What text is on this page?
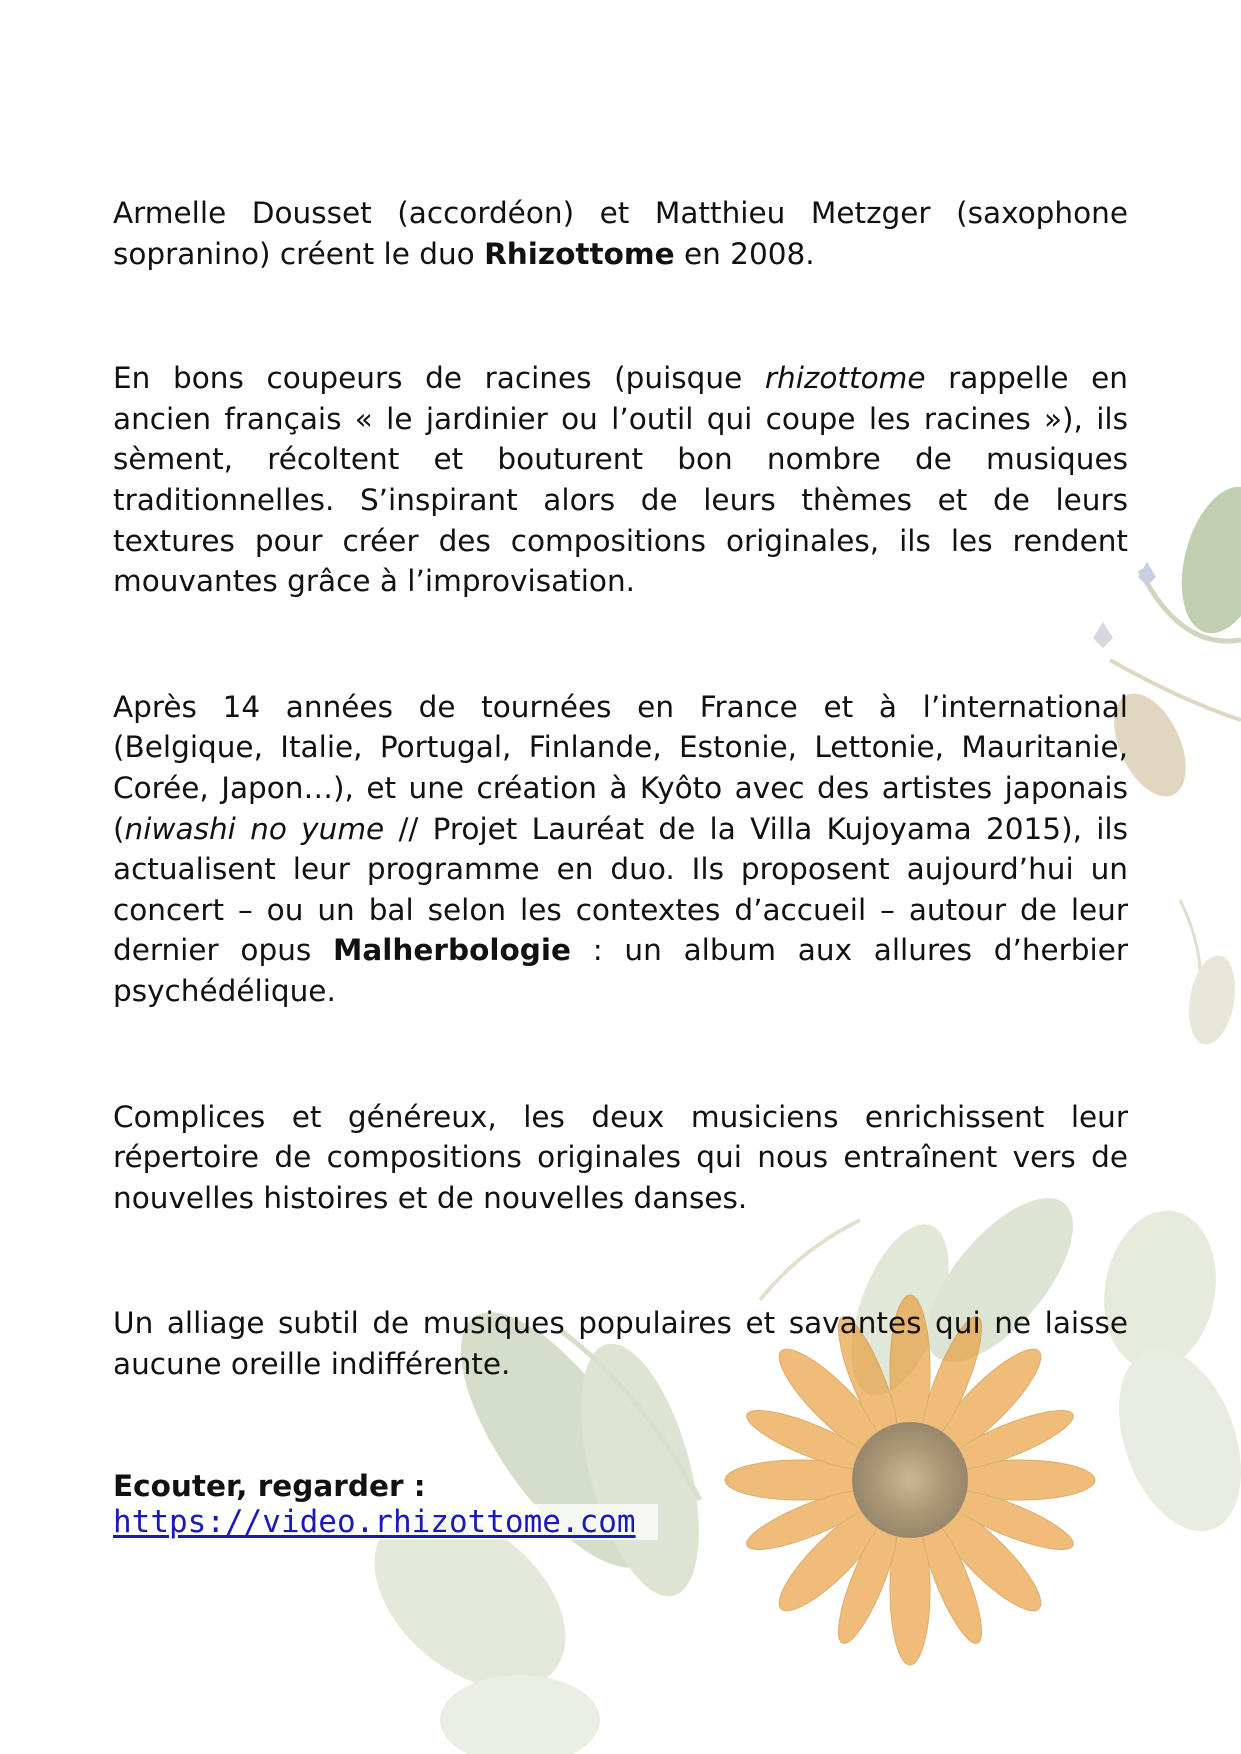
Armelle Dousset (accordéon) et Matthieu Metzger (saxophone sopranino) créent le duo Rhizottome en 2008.

En bons coupeurs de racines (puisque rhizottome rappelle en ancien français « le jardinier ou l’outil qui coupe les racines »), ils sèment, récoltent et bouturent bon nombre de musiques traditionnelles. S’inspirant alors de leurs thèmes et de leurs textures pour créer des compositions originales, ils les rendent mouvantes grâce à l’improvisation.

Après 14 années de tournées en France et à l’international (Belgique, Italie, Portugal, Finlande, Estonie, Lettonie, Mauritanie, Corée, Japon…), et une création à Kyôto avec des artistes japonais (niwashi no yume // Projet Lauréat de la Villa Kujoyama 2015), ils actualisent leur programme en duo. Ils proposent aujourd’hui un concert – ou un bal selon les contextes d’accueil – autour de leur dernier opus Malherbologie : un album aux allures d’herbier psychédélique.

Complices et généreux, les deux musiciens enrichissent leur répertoire de compositions originales qui nous entraînent vers de nouvelles histoires et de nouvelles danses.

Un alliage subtil de musiques populaires et savantes qui ne laisse aucune oreille indifférente.

Ecouter, regarder :

https://video.rhizottome.com
